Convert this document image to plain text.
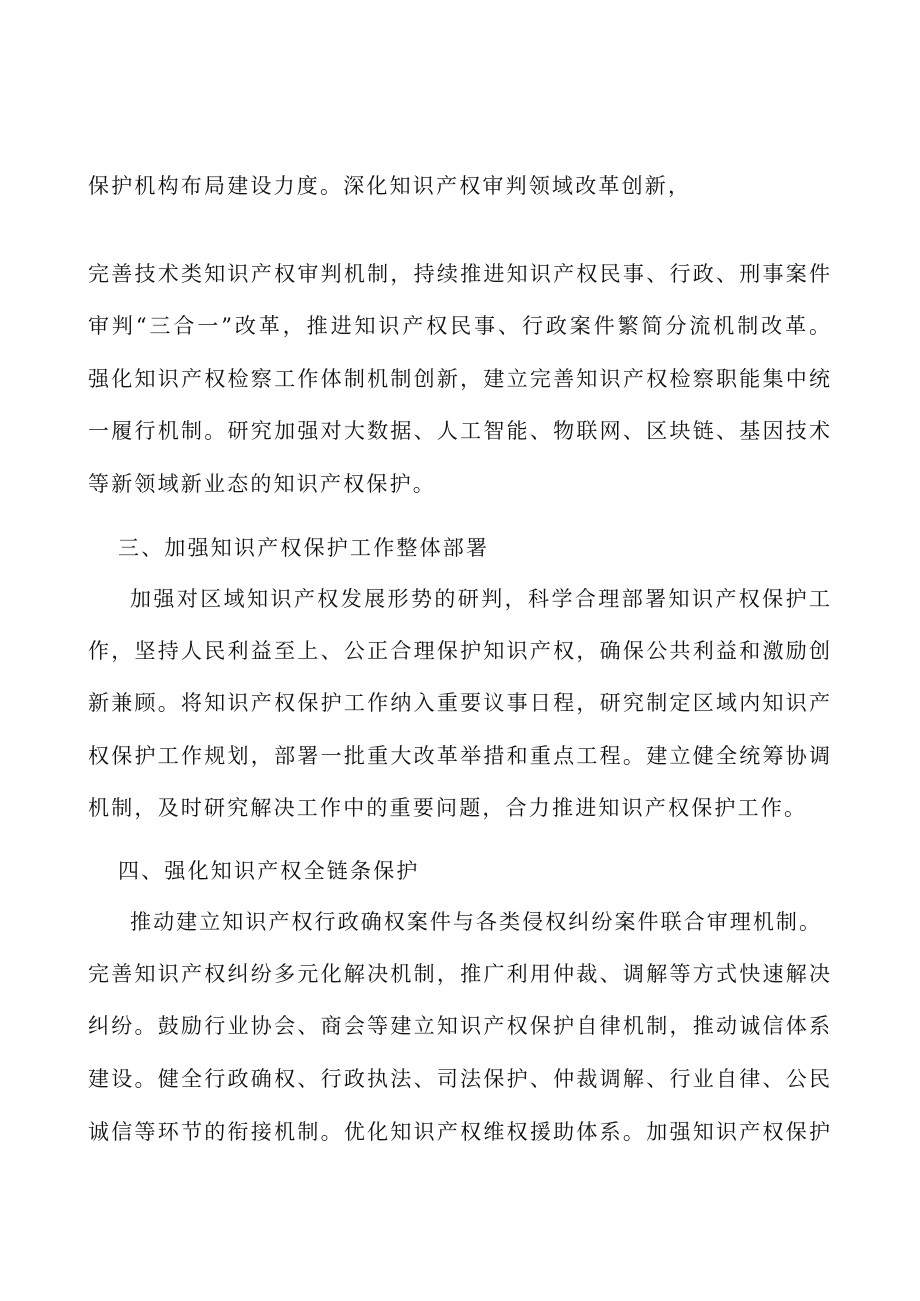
保护机构布局建设力度。深化知识产权审判领域改革创新，
完善技术类知识产权审判机制，持续推进知识产权民事、行政、刑事案件
审判“三合一”改革，推进知识产权民事、行政案件繁简分流机制改革。
强化知识产权检察工作体制机制创新，建立完善知识产权检察职能集中统
一履行机制。研究加强对大数据、人工智能、物联网、区块链、基因技术
等新领域新业态的知识产权保护。
三、加强知识产权保护工作整体部署
加强对区域知识产权发展形势的研判，科学合理部署知识产权保护工
作，坚持人民利益至上、公正合理保护知识产权，确保公共利益和激励创
新兼顾。将知识产权保护工作纳入重要议事日程，研究制定区域内知识产
权保护工作规划，部署一批重大改革举措和重点工程。建立健全统筹协调
机制，及时研究解决工作中的重要问题，合力推进知识产权保护工作。
四、强化知识产权全链条保护
推动建立知识产权行政确权案件与各类侵权纠纷案件联合审理机制。
完善知识产权纠纷多元化解决机制，推广利用仲裁、调解等方式快速解决
纠纷。鼓励行业协会、商会等建立知识产权保护自律机制，推动诚信体系
建设。健全行政确权、行政执法、司法保护、仲裁调解、行业自律、公民
诚信等环节的衔接机制。优化知识产权维权援助体系。加强知识产权保护
